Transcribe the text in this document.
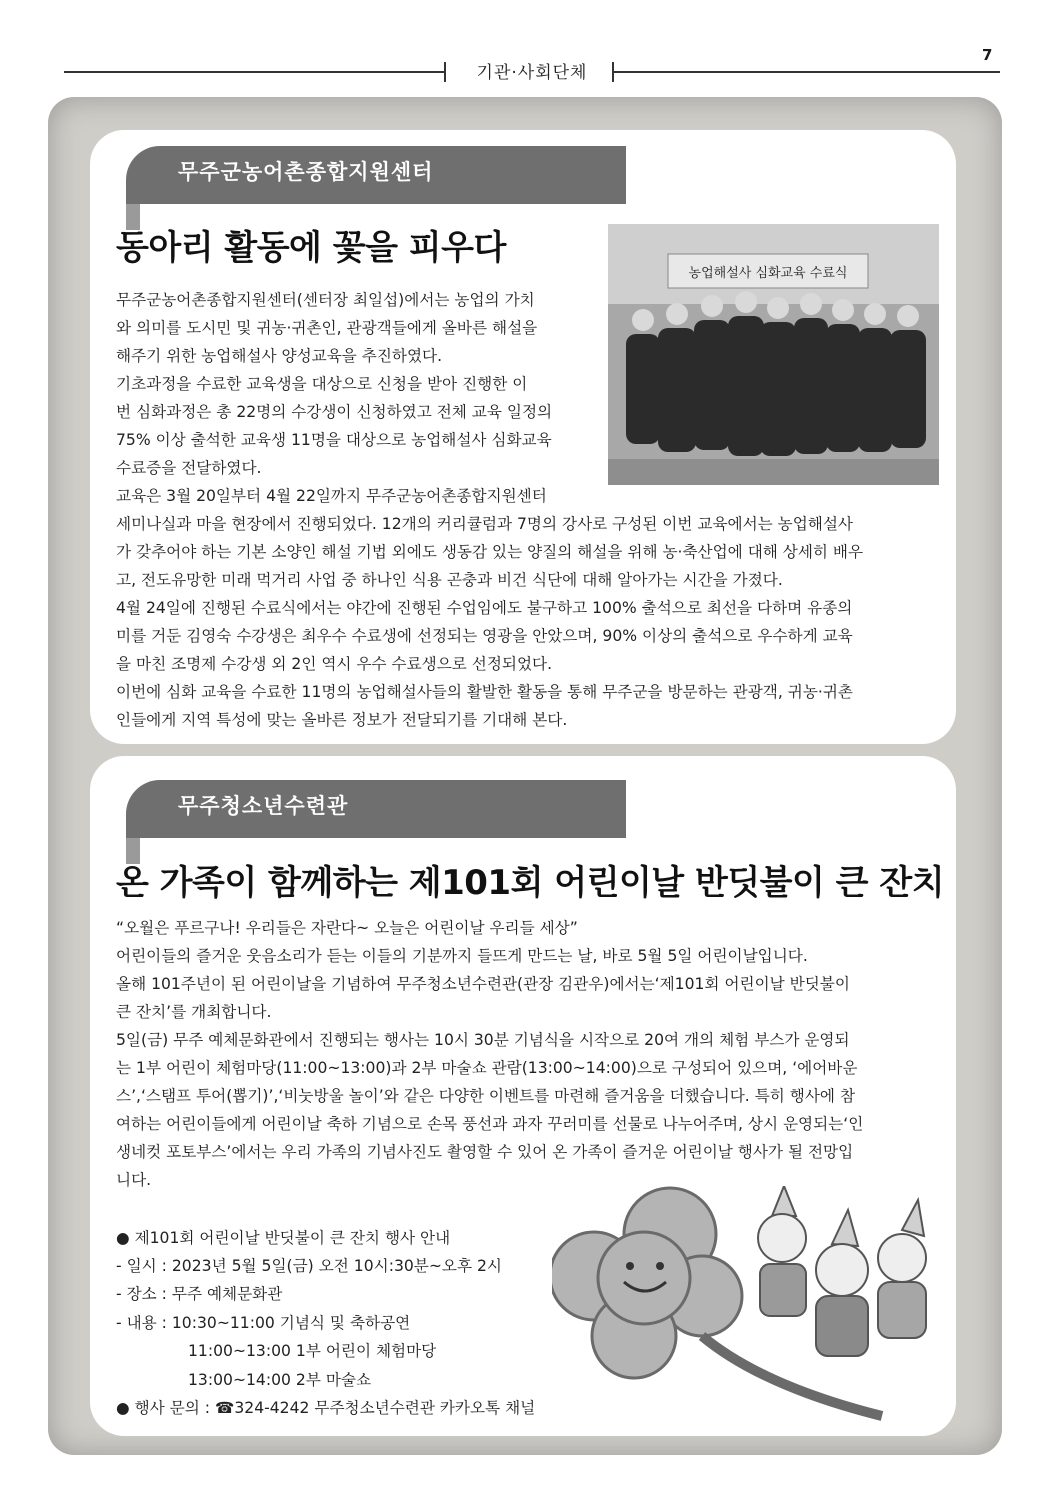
기관·사회단체
7
무주군농어촌종합지원센터
동아리 활동에 꽃을 피우다
농업해설사 심화교육 수료식
무주군농어촌종합지원센터(센터장 최일섭)에서는 농업의 가치
와 의미를 도시민 및 귀농·귀촌인, 관광객들에게 올바른 해설을
해주기 위한 농업해설사 양성교육을 추진하였다.
기초과정을 수료한 교육생을 대상으로 신청을 받아 진행한 이
번 심화과정은 총 22명의 수강생이 신청하였고 전체 교육 일정의
75% 이상 출석한 교육생 11명을 대상으로 농업해설사 심화교육
수료증을 전달하였다.
교육은 3월 20일부터 4월 22일까지 무주군농어촌종합지원센터
세미나실과 마을 현장에서 진행되었다. 12개의 커리큘럼과 7명의 강사로 구성된 이번 교육에서는 농업해설사
가 갖추어야 하는 기본 소양인 해설 기법 외에도 생동감 있는 양질의 해설을 위해 농·축산업에 대해 상세히 배우
고, 전도유망한 미래 먹거리 사업 중 하나인 식용 곤충과 비건 식단에 대해 알아가는 시간을 가졌다.
4월 24일에 진행된 수료식에서는 야간에 진행된 수업임에도 불구하고 100% 출석으로 최선을 다하며 유종의
미를 거둔 김영숙 수강생은 최우수 수료생에 선정되는 영광을 안았으며, 90% 이상의 출석으로 우수하게 교육
을 마친 조명제 수강생 외 2인 역시 우수 수료생으로 선정되었다.
이번에 심화 교육을 수료한 11명의 농업해설사들의 활발한 활동을 통해 무주군을 방문하는 관광객, 귀농·귀촌
인들에게 지역 특성에 맞는 올바른 정보가 전달되기를 기대해 본다.
무주청소년수련관
온 가족이 함께하는 제101회 어린이날 반딧불이 큰 잔치
“오월은 푸르구나! 우리들은 자란다~ 오늘은 어린이날 우리들 세상”
어린이들의 즐거운 웃음소리가 듣는 이들의 기분까지 들뜨게 만드는 날, 바로 5월 5일 어린이날입니다.
올해 101주년이 된 어린이날을 기념하여 무주청소년수련관(관장 김관우)에서는‘제101회 어린이날 반딧불이
큰 잔치’를 개최합니다.
5일(금) 무주 예체문화관에서 진행되는 행사는 10시 30분 기념식을 시작으로 20여 개의 체험 부스가 운영되
는 1부 어린이 체험마당(11:00~13:00)과 2부 마술쇼 관람(13:00~14:00)으로 구성되어 있으며, ‘에어바운
스’,‘스탬프 투어(뽑기)’,‘비눗방울 놀이’와 같은 다양한 이벤트를 마련해 즐거움을 더했습니다. 특히 행사에 참
여하는 어린이들에게 어린이날 축하 기념으로 손목 풍선과 과자 꾸러미를 선물로 나누어주며, 상시 운영되는‘인
생네컷 포토부스’에서는 우리 가족의 기념사진도 촬영할 수 있어 온 가족이 즐거운 어린이날 행사가 될 전망입
니다.
● 제101회 어린이날 반딧불이 큰 잔치 행사 안내
- 일시 : 2023년 5월 5일(금) 오전 10시:30분~오후 2시
- 장소 : 무주 예체문화관
- 내용 : 10:30~11:00 기념식 및 축하공연
11:00~13:00 1부 어린이 체험마당
13:00~14:00 2부 마술쇼
● 행사 문의 : ☎324-4242 무주청소년수련관 카카오톡 채널
